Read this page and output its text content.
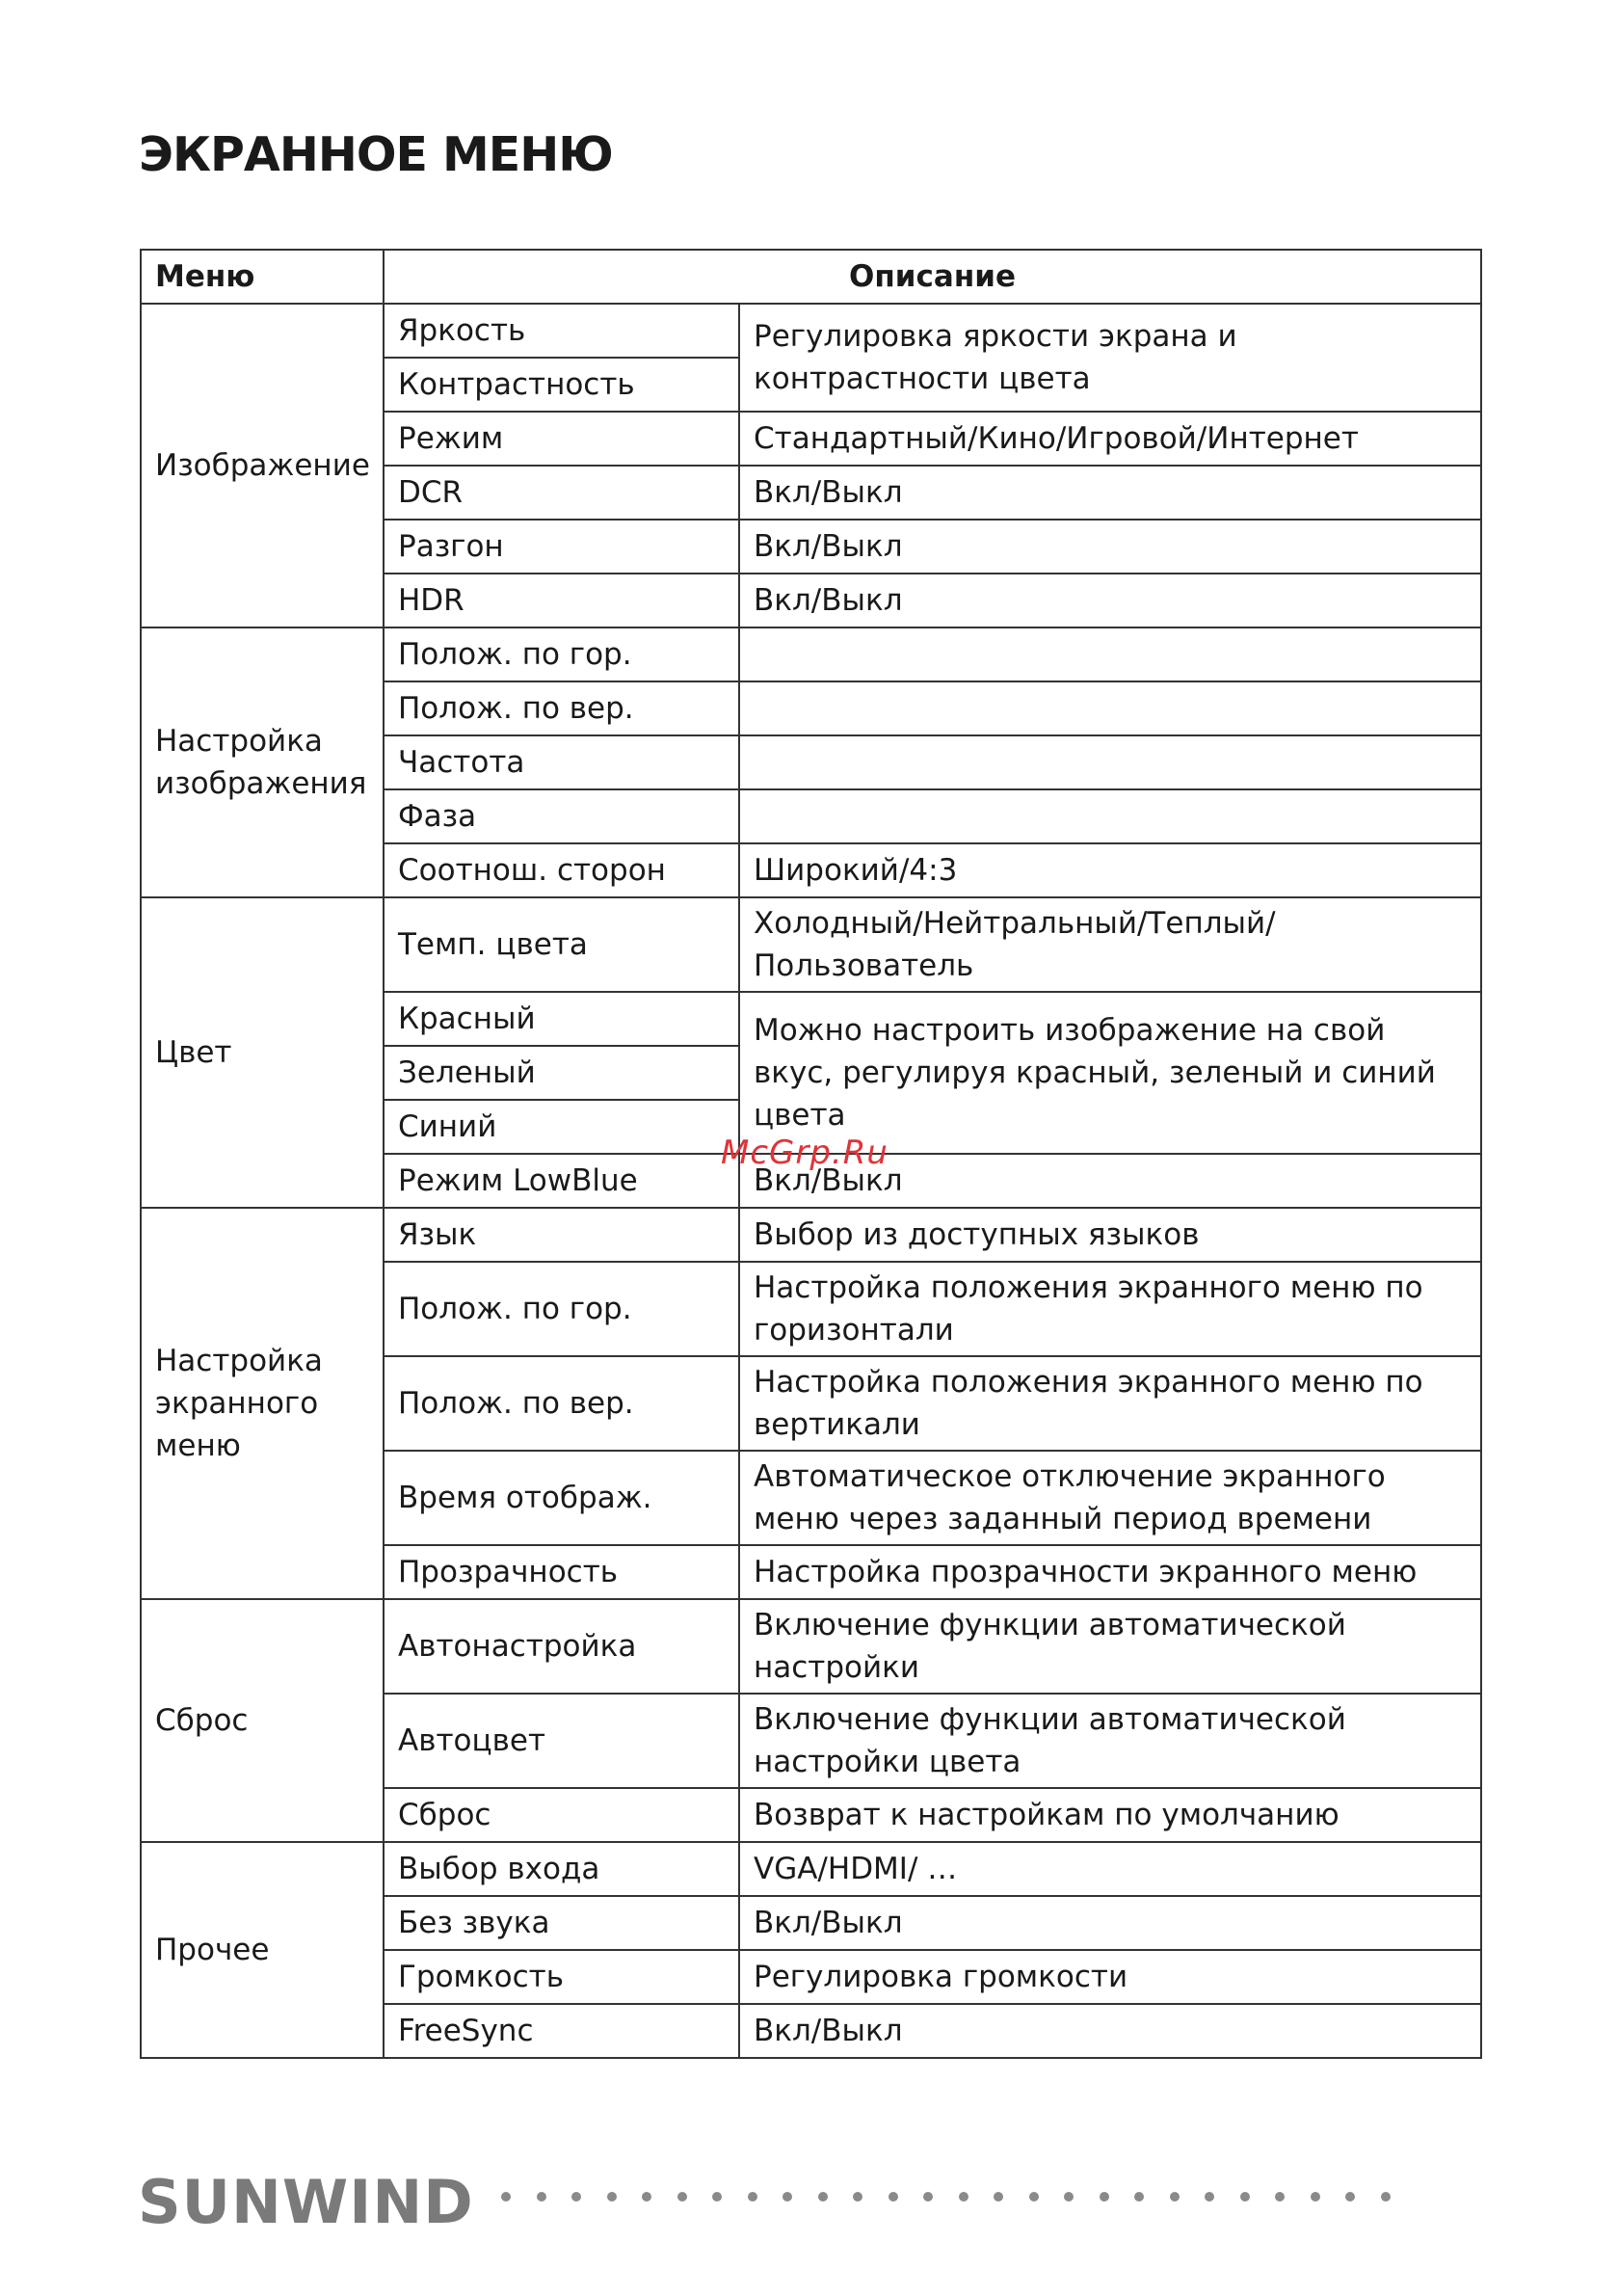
ЭКРАННОЕ МЕНЮ
Меню	Описание	
Изображение	Яркость	Регулировка яркости экрана и контрастности цвета
	Контрастность	
	Режим	Стандартный/Кино/Игровой/Интернет
	DCR	Вкл/Выкл
	Разгон	Вкл/Выкл
	HDR	Вкл/Выкл
Настройка изображения	Полож. по гор.	
	Полож. по вер.	
	Частота	
	Фаза	
	Соотнош. сторон	Широкий/4:3
Цвет	Темп. цвета	Холодный/Нейтральный/Теплый/ Пользователь
	Красный	Можно настроить изображение на свой вкус, регулируя красный, зеленый и синий цвета
	Зеленый	
	Синий	
	Режим LowBlue	Вкл/Выкл
Настройка экранного меню	Язык	Выбор из доступных языков
	Полож. по гор.	Настройка положения экранного меню по горизонтали
	Полож. по вер.	Настройка положения экранного меню по вертикали
	Время отображ.	Автоматическое отключение экранного меню через заданный период времени
	Прозрачность	Настройка прозрачности экранного меню
Сброс	Автонастройка	Включение функции автоматической настройки
	Автоцвет	Включение функции автоматической настройки цвета
	Сброс	Возврат к настройкам по умолчанию
Прочее	Выбор входа	VGA/HDMI/ …
	Без звука	Вкл/Выкл
	Громкость	Регулировка громкости
	FreeSync	Вкл/Выкл
McGrp.Ru
SUNWIND
